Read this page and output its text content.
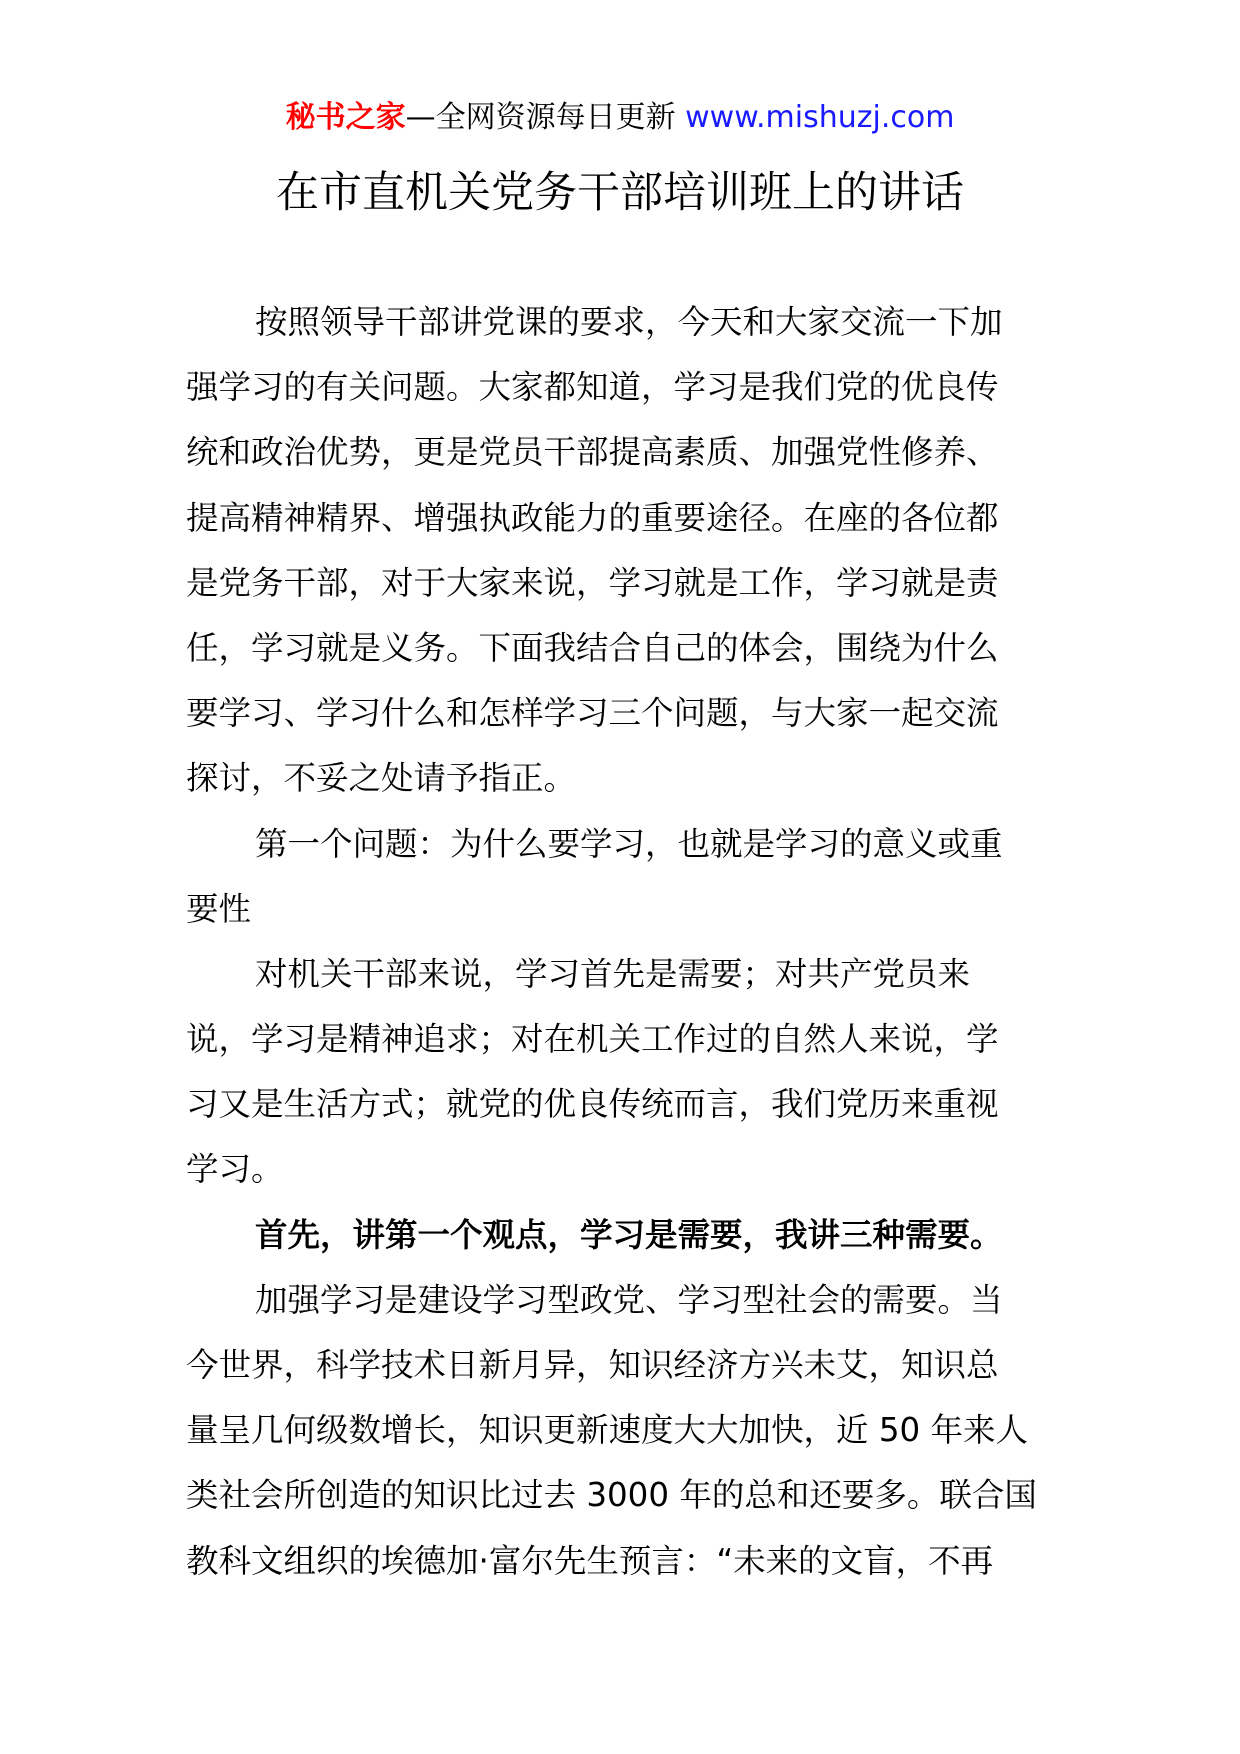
秘书之家—全网资源每日更新 www.mishuzj.com
在市直机关党务干部培训班上的讲话
按照领导干部讲党课的要求，今天和大家交流一下加
强学习的有关问题。大家都知道，学习是我们党的优良传
统和政治优势，更是党员干部提高素质、加强党性修养、
提高精神精界、增强执政能力的重要途径。在座的各位都
是党务干部，对于大家来说，学习就是工作，学习就是责
任，学习就是义务。下面我结合自己的体会，围绕为什么
要学习、学习什么和怎样学习三个问题，与大家一起交流
探讨，不妥之处请予指正。
第一个问题：为什么要学习，也就是学习的意义或重
要性
对机关干部来说，学习首先是需要；对共产党员来
说，学习是精神追求；对在机关工作过的自然人来说，学
习又是生活方式；就党的优良传统而言，我们党历来重视
学习。
首先，讲第一个观点，学习是需要，我讲三种需要。
加强学习是建设学习型政党、学习型社会的需要。当
今世界，科学技术日新月异，知识经济方兴未艾，知识总
量呈几何级数增长，知识更新速度大大加快，近 50 年来人
类社会所创造的知识比过去 3000 年的总和还要多。联合国
教科文组织的埃德加·富尔先生预言：“未来的文盲，不再
